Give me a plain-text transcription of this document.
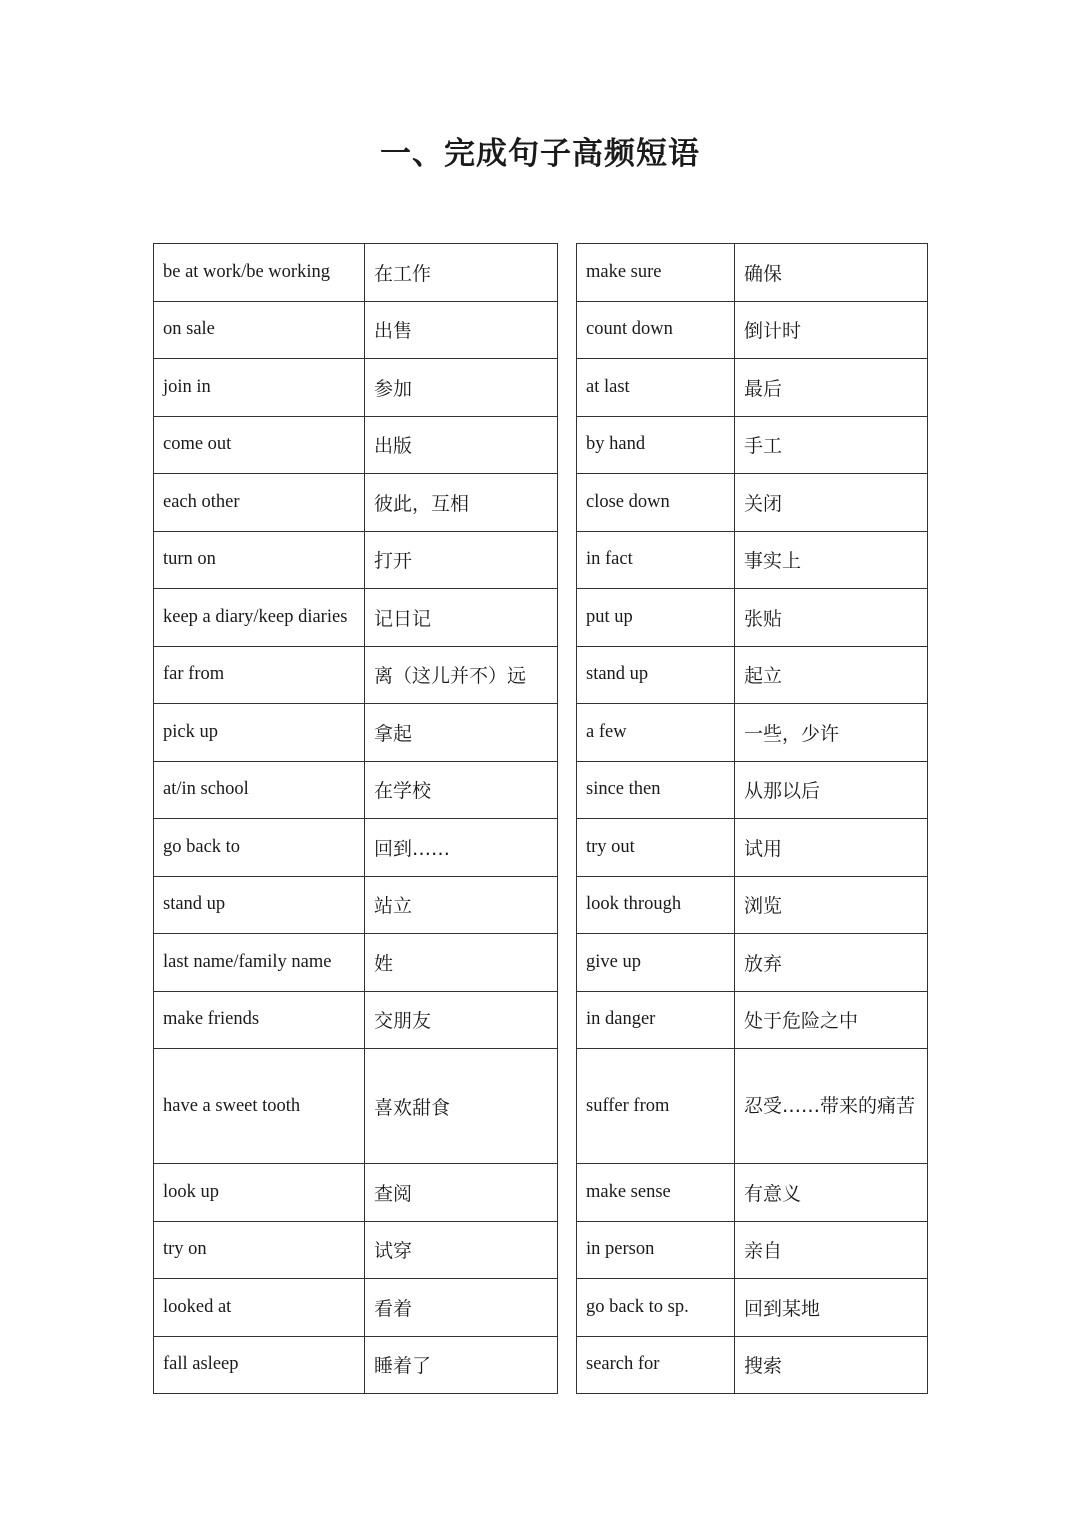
一、完成句子高频短语
be at work/be working	在工作
on sale	出售
join in	参加
come out	出版
each other	彼此，互相
turn on	打开
keep a diary/keep diaries	记日记
far from	离（这儿并不）远
pick up	拿起
at/in school	在学校
go back to	回到……
stand up	站立
last name/family name	姓
make friends	交朋友
have a sweet tooth	喜欢甜食
look up	查阅
try on	试穿
looked at	看着
fall asleep	睡着了
make sure	确保
count down	倒计时
at last	最后
by hand	手工
close down	关闭
in fact	事实上
put up	张贴
stand up	起立
a few	一些，少许
since then	从那以后
try out	试用
look through	浏览
give up	放弃
in danger	处于危险之中
suffer from	忍受……带来的痛苦
make sense	有意义
in person	亲自
go back to sp.	回到某地
search for	搜索
